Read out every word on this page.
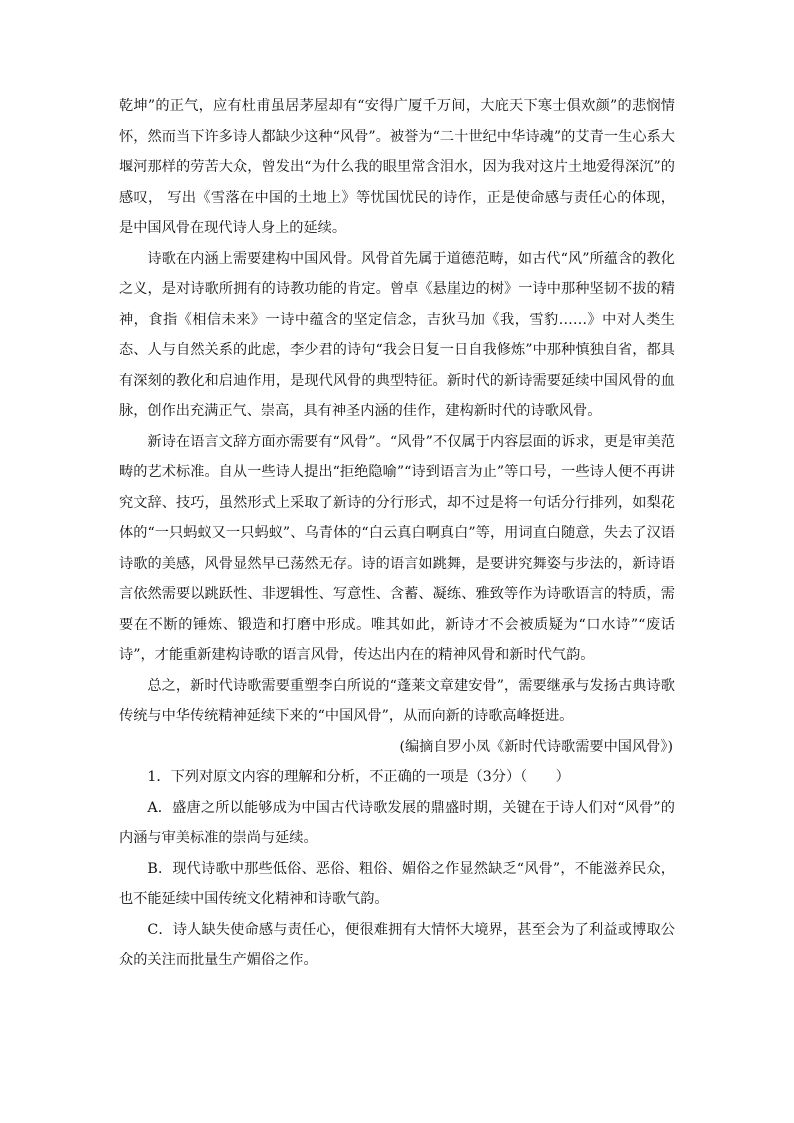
乾坤”的正气，应有杜甫虽居茅屋却有“安得广厦千万间，大庇天下寒士俱欢颜”的悲悯情怀，然而当下许多诗人都缺少这种“风骨”。被誉为“二十世纪中华诗魂”的艾青一生心系大堰河那样的劳苦大众，曾发出“为什么我的眼里常含泪水，因为我对这片土地爱得深沉”的感叹， 写出《雪落在中国的土地上》等忧国忧民的诗作，正是使命感与责任心的体现，是中国风骨在现代诗人身上的延续。

诗歌在内涵上需要建构中国风骨。风骨首先属于道德范畴，如古代“风”所蕴含的教化之义，是对诗歌所拥有的诗教功能的肯定。曾卓《悬崖边的树》一诗中那种坚韧不拔的精神，食指《相信未来》一诗中蕴含的坚定信念，吉狄马加《我，雪豹……》中对人类生态、人与自然关系的此虑，李少君的诗句“我会日复一日自我修炼”中那种慎独自省，都具有深刻的教化和启迪作用，是现代风骨的典型特征。新时代的新诗需要延续中国风骨的血脉，创作出充满正气、崇高，具有神圣内涵的佳作，建构新时代的诗歌风骨。

新诗在语言文辞方面亦需要有“风骨”。“风骨”不仅属于内容层面的诉求，更是审美范畴的艺术标准。自从一些诗人提出“拒绝隐喻”“诗到语言为止”等口号，一些诗人便不再讲究文辞、技巧，虽然形式上采取了新诗的分行形式，却不过是将一句话分行排列，如梨花体的“一只蚂蚁又一只蚂蚁”、乌青体的“白云真白啊真白”等，用词直白随意，失去了汉语诗歌的美感，风骨显然早已荡然无存。诗的语言如跳舞，是要讲究舞姿与步法的，新诗语言依然需要以跳跃性、非逻辑性、写意性、含蓄、凝练、雅致等作为诗歌语言的特质，需要在不断的锤炼、锻造和打磨中形成。唯其如此，新诗才不会被质疑为“口水诗”“废话诗”，才能重新建构诗歌的语言风骨，传达出内在的精神风骨和新时代气韵。

总之，新时代诗歌需要重塑李白所说的“蓬莱文章建安骨”，需要继承与发扬古典诗歌传统与中华传统精神延续下来的“中国风骨”，从而向新的诗歌高峰挺进。

(编摘自罗小凤《新时代诗歌需要中国风骨》)

1．下列对原文内容的理解和分析，不正确的一项是（3分）（　　）

A．盛唐之所以能够成为中国古代诗歌发展的鼎盛时期，关键在于诗人们对“风骨”的内涵与审美标准的崇尚与延续。

B．现代诗歌中那些低俗、恶俗、粗俗、媚俗之作显然缺乏“风骨”，不能滋养民众，也不能延续中国传统文化精神和诗歌气韵。

C．诗人缺失使命感与责任心，便很难拥有大情怀大境界，甚至会为了利益或博取公众的关注而批量生产媚俗之作。
